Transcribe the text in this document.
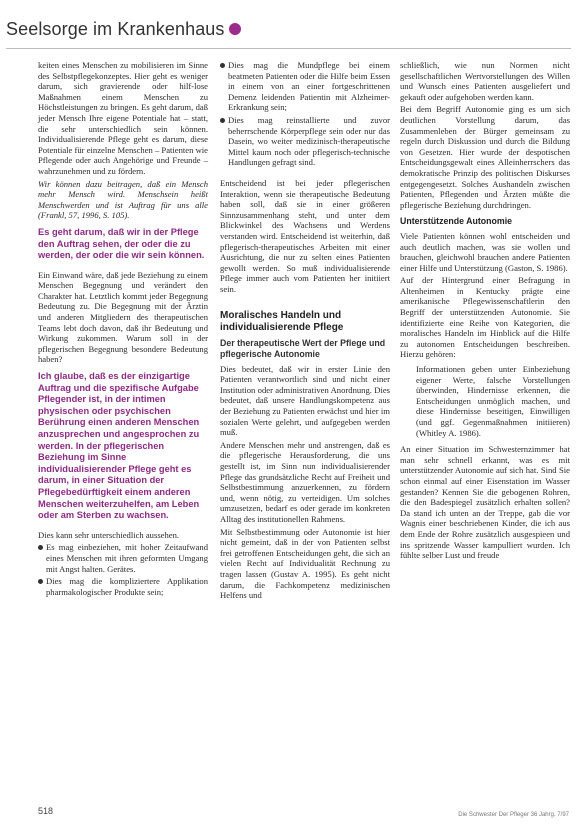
Seelsorge im Krankenhaus

keiten eines Menschen zu mobilisieren im Sinne des Selbstpflegekonzeptes. Hier geht es weniger darum, sich gravierende oder hilf-lose Maßnahmen einem Menschen zu Höchstleistungen zu bringen. Es geht darum, daß jeder Mensch Ihre eigene Potentiale hat – statt, die sehr unterschiedlich sein können. Individualisierende Pflege geht es darum, diese Potentiale für einzelne Menschen – Patienten wie Pflegende oder auch Angehörige und Freunde – wahrzunehmen und zu fördern.

Wir können dazu beitragen, daß ein Mensch mehr Mensch wird. Menschsein heißt Menschwerden und ist Auftrag für uns alle (Frankl, 57, 1996, S. 105).

Es geht darum, daß wir in der Pflege den Auftrag sehen, der oder die zu werden, der oder die wir sein können.

Ein Einwand wäre, daß jede Beziehung zu einem Menschen Begegnung und verändert den Charakter hat. Letztlich kommt jeder Begegnung Bedeutung zu. Die Begegnung mit der Ärztin und anderen Mitgliedern des therapeutischen Teams lebt doch davon, daß ihr Bedeutung und Wirkung zukommen. Warum soll in der pflegerischen Begegnung besondere Bedeutung haben?

Ich glaube, daß es der einzigartige Auftrag und die spezifische Aufgabe Pflegender ist, in der intimen physischen oder psychischen Berührung einen anderen Menschen anzusprechen und angesprochen zu werden. In der pflegerischen Beziehung im Sinne individualisierender Pflege geht es darum, in einer Situation der Pflegebedürftigkeit einem anderen Menschen weiterzuhelfen, am Leben oder am Sterben zu wachsen.

Dies kann sehr unterschiedlich aussehen.

Es mag einbeziehen, mit hoher Zeitaufwand eines Menschen mit ihren geformten Umgang mit Angst halten. Gerätes.
Dies mag die kompliziertere Applikation pharmakologischer Produkte sein;
Dies mag die Mundpflege bei einem beatmeten Patienten oder die Hilfe beim Essen in einem von an einer fortgeschrittenen Demenz leidenden Patientin mit Alzheimer-Erkrankung sein;
Dies mag reinstallierte und zuvor beherrschende Körperpflege sein oder nur das Dasein, wo weiter medizinisch-therapeutische Mittel kaum noch oder pflegerisch-technische Handlungen gefragt sind.

Entscheidend ist bei jeder pflegerischen Interaktion, wenn sie therapeutische Bedeutung haben soll, daß sie in einer größeren Sinnzusammenhang steht, und unter dem Blickwinkel des Wachsens und Werdens verstanden wird. Entscheidend ist weiterhin, daß pflegerisch-therapeutisches Arbeiten mit einer Ausrichtung, die nur zu selten eines Patienten gewollt werden. So muß individualisierende Pflege immer auch vom Patienten her initiiert sein.

Moralisches Handeln und individualisierende Pflege
Der therapeutische Wert der Pflege und pflegerische Autonomie

Dies bedeutet, daß wir in erster Linie den Patienten verantwortlich sind und nicht einer Institution oder administrativen Anordnung. Dies bedeutet, daß unsere Handlungskompetenz aus der Beziehung zu Patienten erwächst und hier im sozialen Werte gelehrt, und aufgegeben werden muß.

Andere Menschen mehr und anstrengen, daß es die pflegerische Herausforderung, die uns gestellt ist, im Sinn nun individualisierender Pflege das grundsätzliche Recht auf Freiheit und Selbstbestimmung anzuerkennen, zu fördern und, wenn nötig, zu verteidigen. Um solches umzusetzen, bedarf es oder gerade im konkreten Alltag des institutionellen Rahmens.

Mit Selbstbestimmung oder Autonomie ist hier nicht gemeint, daß in der von Patienten selbst frei getroffenen Entscheidungen geht, die sich an vielen Recht auf Individualität Rechnung zu tragen lassen (Gustav A. 1995). Es geht nicht darum, die Fachkompetenz medizinischen Helfens und

schließlich, wie nun Normen nicht gesellschaftlichen Wertvorstellungen des Willen und Wunsch eines Patienten ausgeliefert und gekauft oder aufgehoben werden kann.

Bei dem Begriff Autonomie ging es um sich deutlichen Vorstellung darum, das Zusammenleben der Bürger gemeinsam zu regeln durch Diskussion und durch die Bildung von Gesetzen. Hier wurde der despotischen Entscheidungsgewalt eines Alleinherrschers das demokratische Prinzip des politischen Diskurses entgegengesetzt. Solches Aushandeln zwischen Patienten, Pflegenden und Ärzten müßte die pflegerische Beziehung durchdringen.

Unterstützende Autonomie

Viele Patienten können wohl entscheiden und auch deutlich machen, was sie wollen und brauchen, gleichwohl brauchen andere Patienten einer Hilfe und Unterstützung (Gaston, S. 1986).

Auf der Hintergrund einer Befragung in Altenheimen in Kentucky prägte eine amerikanische Pflegewissenschaftlerin den Begriff der unterstützenden Autonomie. Sie identifizierte eine Reihe von Kategorien, die moralisches Handeln im Hinblick auf die Hilfe zu autonomen Entscheidungen beschreiben. Hierzu gehören:

Informationen geben unter Einbeziehung eigener Werte, falsche Vorstellungen überwinden, Hindernisse erkennen, die Entscheidungen unmöglich machen, und diese Hindernisse beseitigen, Einwilligen (und ggf. Gegenmaßnahmen initiieren) (Whitley A. 1986).

An einer Situation im Schwesternzimmer hat man sehr schnell erkannt, was es mit unterstützender Autonomie auf sich hat. Sind Sie schon einmal auf einer Eisenstation im Wasser gestanden? Kennen Sie die gebogenen Rohren, die den Badespiegel zusätzlich erhalten sollen? Da stand ich unten an der Treppe, gab die vor Wagnis einer beschriebenen Kinder, die ich aus dem Ende der Rohre zusätzlich ausgespieen und ins spritzende Wasser kampulliert wurden. Ich fühlte selber Lust und freude

518	Die Schwester Der Pfleger 36 Jahrg. 7/97
